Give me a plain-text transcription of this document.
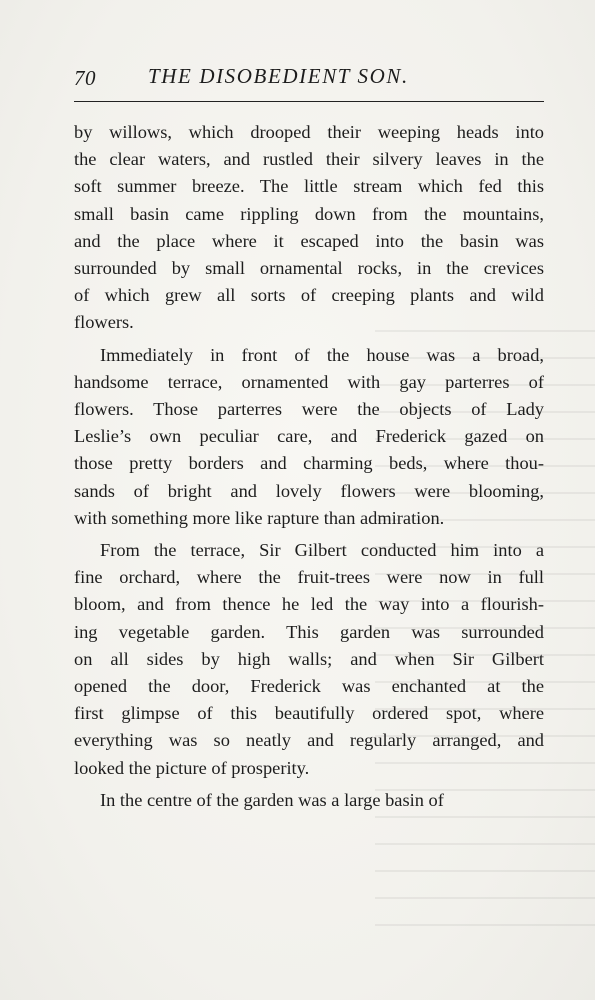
70 THE DISOBEDIENT SON.

by willows, which drooped their weeping heads into
the clear waters, and rustled their silvery leaves in the
soft summer breeze. The little stream which fed this
small basin came rippling down from the mountains,
and the place where it escaped into the basin was
surrounded by small ornamental rocks, in the crevices
of which grew all sorts of creeping plants and wild
flowers.

Immediately in front of the house was a broad,
handsome terrace, ornamented with gay parterres of
flowers. Those parterres were the objects of Lady
Leslie’s own peculiar care, and Frederick gazed on
those pretty borders and charming beds, where thou-
sands of bright and lovely flowers were blooming,
with something more like rapture than admiration.

From the terrace, Sir Gilbert conducted him into a
fine orchard, where the fruit-trees were now in full
bloom, and from thence he led the way into a flourish-
ing vegetable garden. This garden was surrounded
on all sides by high walls; and when Sir Gilbert
opened the door, Frederick was enchanted at the
first glimpse of this beautifully ordered spot, where
everything was so neatly and regularly arranged, and
looked the picture of prosperity.

In the centre of the garden was a large basin of
